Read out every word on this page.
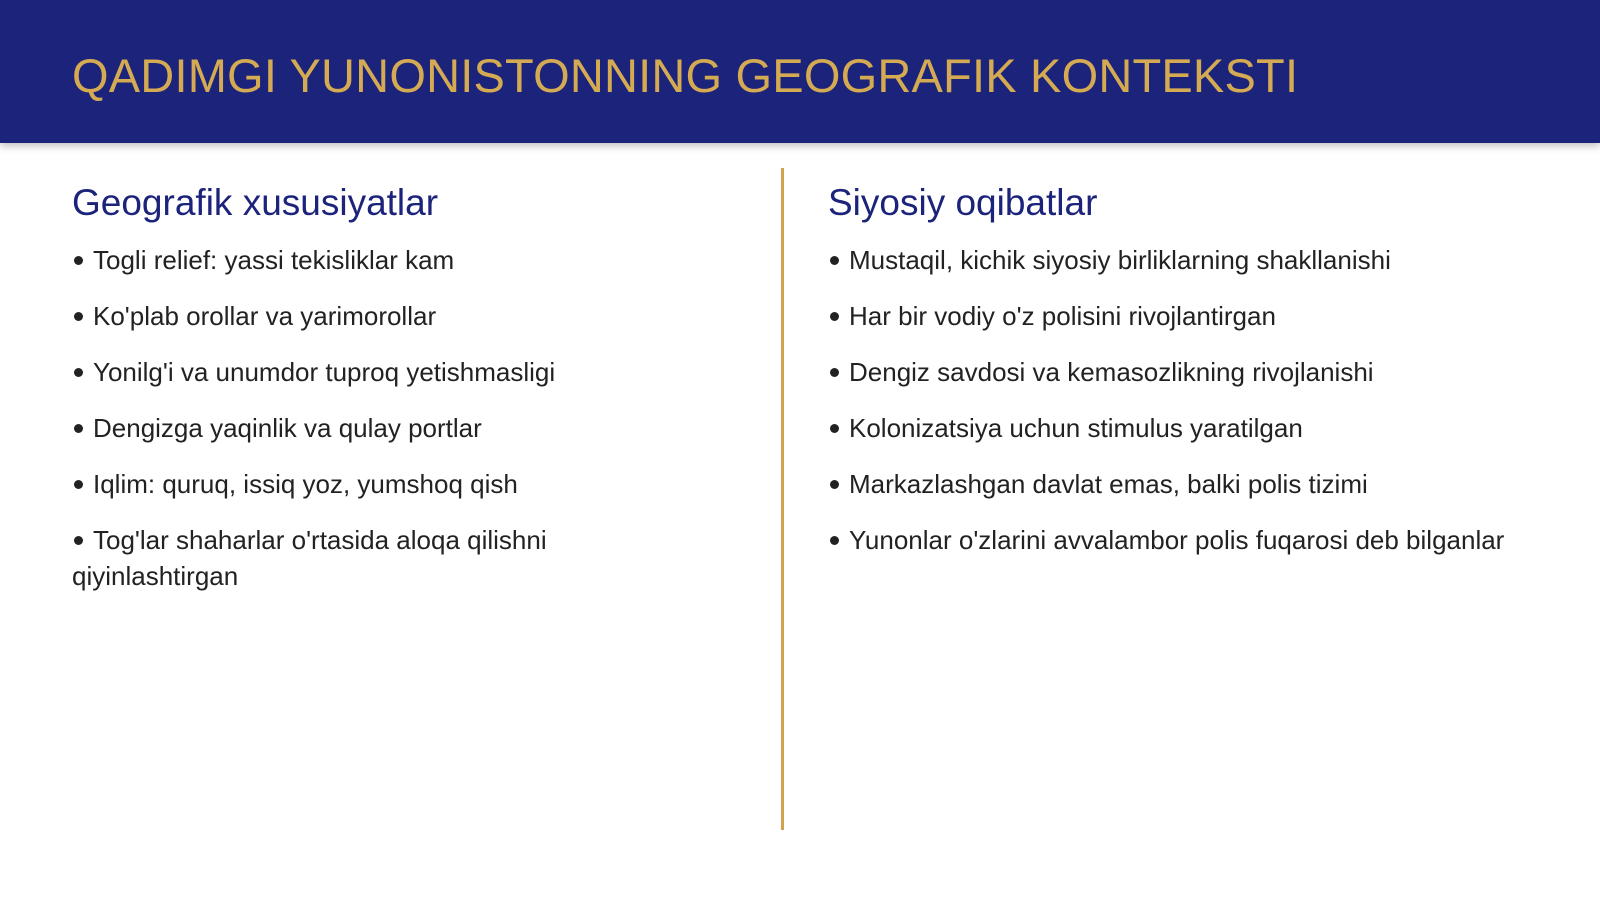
QADIMGI YUNONISTONNING GEOGRAFIK KONTEKSTI
Geografik xususiyatlar
Togli relief: yassi tekisliklar kam
Ko'plab orollar va yarimorollar
Yonilg'i va unumdor tuproq yetishmasligi
Dengizga yaqinlik va qulay portlar
Iqlim: quruq, issiq yoz, yumshoq qish
Tog'lar shaharlar o'rtasida aloqa qilishni qiyinlashtirgan
Siyosiy oqibatlar
Mustaqil, kichik siyosiy birliklarning shakllanishi
Har bir vodiy o'z polisini rivojlantirgan
Dengiz savdosi va kemasozlikning rivojlanishi
Kolonizatsiya uchun stimulus yaratilgan
Markazlashgan davlat emas, balki polis tizimi
Yunonlar o'zlarini avvalambor polis fuqarosi deb bilganlar
